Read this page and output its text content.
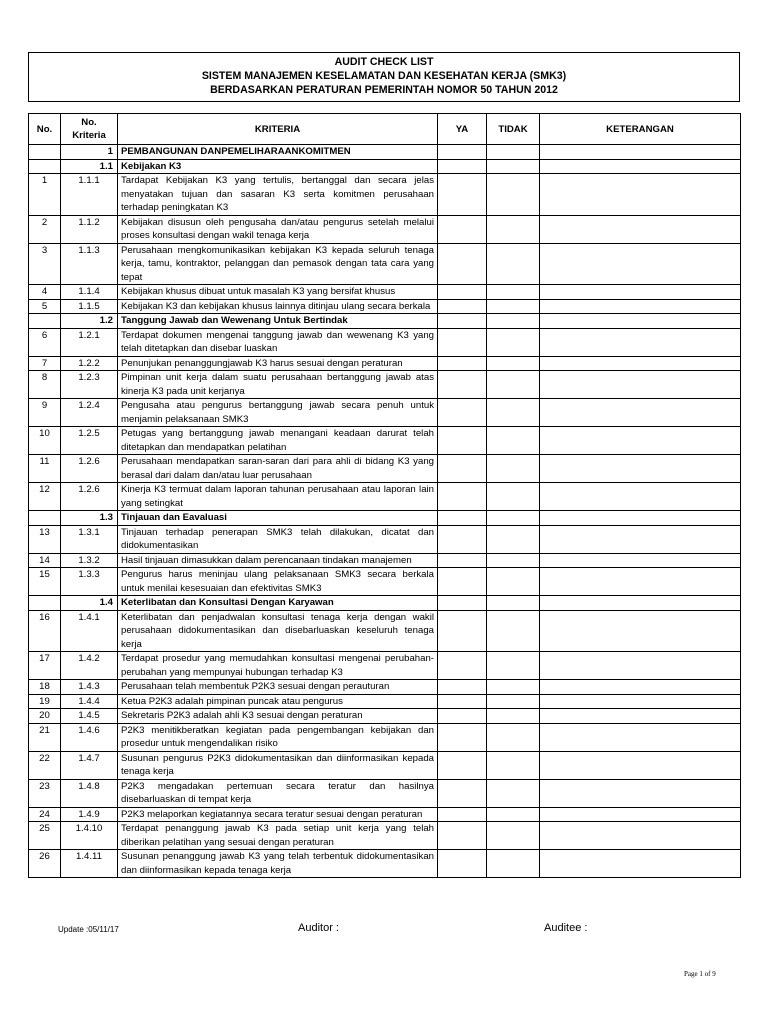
AUDIT CHECK LIST
SISTEM MANAJEMEN KESELAMATAN DAN KESEHATAN KERJA (SMK3)
BERDASARKAN PERATURAN PEMERINTAH NOMOR 50 TAHUN 2012
No.	No. Kriteria	KRITERIA	YA	TIDAK	KETERANGAN
	1	PEMBANGUNAN DANPEMELIHARAANKOMITMEN			
	1.1	Kebijakan K3			
1	1.1.1	Tardapat Kebijakan K3 yang tertulis, bertanggal dan secara jelas menyatakan tujuan dan sasaran K3 serta komitmen perusahaan terhadap peningkatan K3			
2	1.1.2	Kebijakan disusun oleh pengusaha dan/atau pengurus setelah melalui proses konsultasi dengan wakil tenaga kerja			
3	1.1.3	Perusahaan mengkomunikasikan kebijakan K3 kepada seluruh tenaga kerja, tamu, kontraktor, pelanggan dan pemasok dengan tata cara yang tepat			
4	1.1.4	Kebijakan khusus dibuat untuk masalah K3 yang bersifat khusus			
5	1.1.5	Kebijakan K3 dan kebijakan khusus lainnya ditinjau ulang secara berkala			
	1.2	Tanggung Jawab dan Wewenang Untuk Bertindak			
6	1.2.1	Terdapat dokumen mengenai tanggung jawab dan wewenang K3 yang telah ditetapkan dan disebar luaskan			
7	1.2.2	Penunjukan penanggungjawab K3 harus sesuai dengan peraturan			
8	1.2.3	Pimpinan unit kerja dalam suatu perusahaan bertanggung jawab atas kinerja K3 pada unit kerjanya			
9	1.2.4	Pengusaha atau pengurus bertanggung jawab secara penuh untuk menjamin pelaksanaan SMK3			
10	1.2.5	Petugas yang bertanggung jawab menangani keadaan darurat telah ditetapkan dan mendapatkan pelatihan			
11	1.2.6	Perusahaan mendapatkan saran-saran dari para ahli di bidang K3 yang berasal dari dalam dan/atau luar perusahaan			
12	1.2.6	Kinerja K3 termuat dalam laporan tahunan perusahaan atau laporan lain yang setingkat			
	1.3	Tinjauan dan Eavaluasi			
13	1.3.1	Tinjauan terhadap penerapan SMK3 telah dilakukan, dicatat dan didokumentasikan			
14	1.3.2	Hasil tinjauan dimasukkan dalam perencanaan tindakan manajemen			
15	1.3.3	Pengurus harus meninjau ulang pelaksanaan SMK3 secara berkala untuk menilai kesesuaian dan efektivitas SMK3			
	1.4	Keterlibatan dan Konsultasi Dengan Karyawan			
16	1.4.1	Keterlibatan dan penjadwalan konsultasi tenaga kerja dengan wakil perusahaan didokumentasikan dan disebarluaskan keseluruh tenaga kerja			
17	1.4.2	Terdapat prosedur yang memudahkan konsultasi mengenai perubahan-perubahan yang mempunyai hubungan terhadap K3			
18	1.4.3	Perusahaan telah membentuk P2K3 sesuai dengan perauturan			
19	1.4.4	Ketua P2K3 adalah pimpinan puncak atau pengurus			
20	1.4.5	Sekretaris P2K3 adalah ahli K3 sesuai dengan peraturan			
21	1.4.6	P2K3 menitikberatkan kegiatan pada pengembangan kebijakan dan prosedur untuk mengendalikan risiko			
22	1.4.7	Susunan pengurus P2K3 didokumentasikan dan diinformasikan kepada tenaga kerja			
23	1.4.8	P2K3 mengadakan pertemuan secara teratur dan hasilnya disebarluaskan di tempat kerja			
24	1.4.9	P2K3 melaporkan kegiatannya secara teratur sesuai dengan peraturan			
25	1.4.10	Terdapat penanggung jawab K3 pada setiap unit kerja yang telah diberikan pelatihan yang sesuai dengan peraturan			
26	1.4.11	Susunan penanggung jawab K3 yang telah terbentuk didokumentasikan dan diinformasikan kepada tenaga kerja			
Update :05/11/17	Auditor :	Auditee :
Page 1 of 9
